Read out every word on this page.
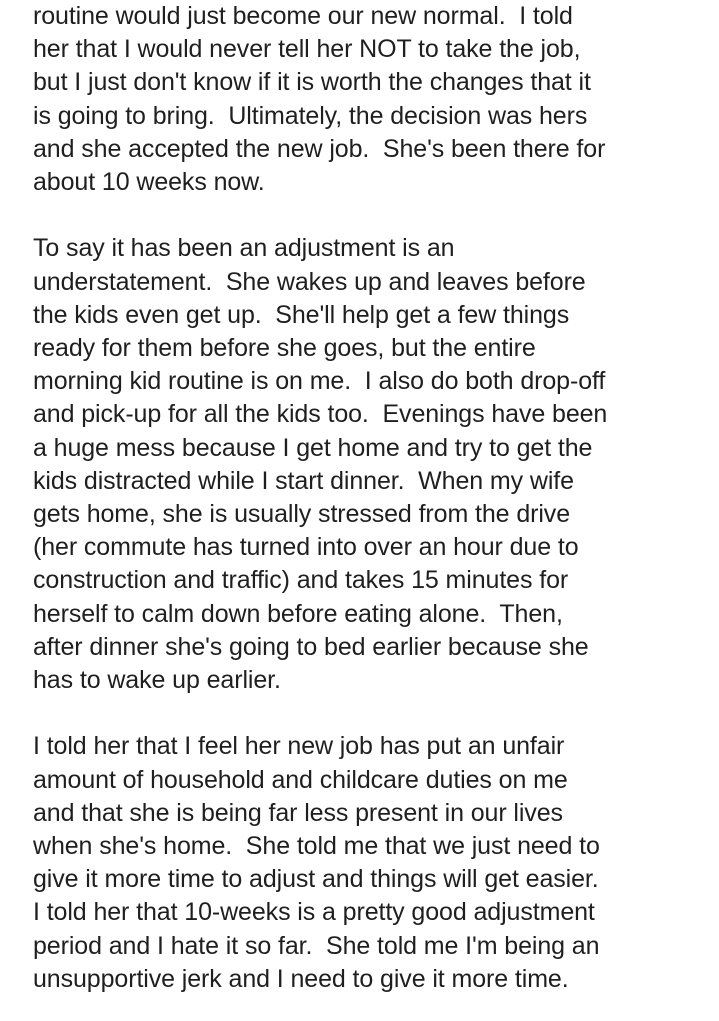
routine would just become our new normal.  I told
her that I would never tell her NOT to take the job,
but I just don't know if it is worth the changes that it
is going to bring.  Ultimately, the decision was hers
and she accepted the new job.  She's been there for
about 10 weeks now.
To say it has been an adjustment is an
understatement.  She wakes up and leaves before
the kids even get up.  She'll help get a few things
ready for them before she goes, but the entire
morning kid routine is on me.  I also do both drop-off
and pick-up for all the kids too.  Evenings have been
a huge mess because I get home and try to get the
kids distracted while I start dinner.  When my wife
gets home, she is usually stressed from the drive
(her commute has turned into over an hour due to
construction and traffic) and takes 15 minutes for
herself to calm down before eating alone.  Then,
after dinner she's going to bed earlier because she
has to wake up earlier.
I told her that I feel her new job has put an unfair
amount of household and childcare duties on me
and that she is being far less present in our lives
when she's home.  She told me that we just need to
give it more time to adjust and things will get easier.
I told her that 10-weeks is a pretty good adjustment
period and I hate it so far.  She told me I'm being an
unsupportive jerk and I need to give it more time.
